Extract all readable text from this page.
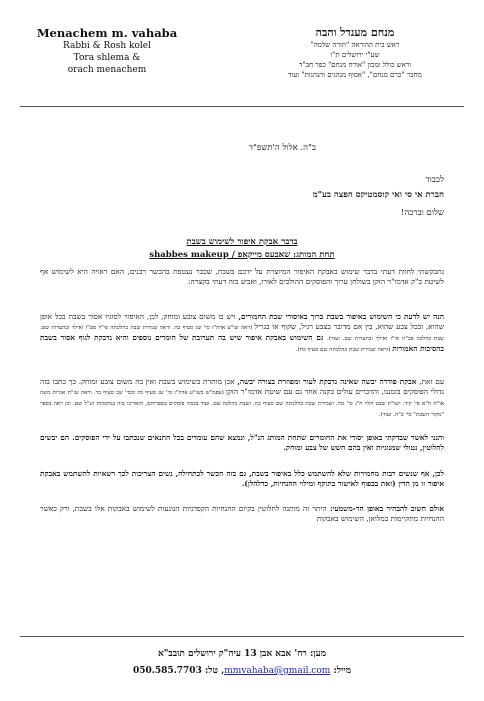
Menachem m. vahaba
Rabbi & Rosh kolel
Tora shlema &
orach menachem
מנחם מענדל והבה
ראש בית ההוראה "תורה שלמה"
שע"י ירושלים ת"ו
וראש כולל ומכון "אורח מנחם" כפר חב"ד
מחבר "כרם מנחם", "אסוף מנהגים והנהגות" ועוד
ב"ה. אלול ה'תשפ"ד
לכבוד
חברת אי סי ואי קוסמטיקס הפצה בע"מ
שלום וברכה!
בדבר אבקת איפור לשימוש בשבת
shabbes makeup / תחת המותג: שאבעס מייקאפ
נתבקשתי לחוות דעתי בדבר שימוש באבקת האיפור המיוצרת על ידכם בשבת, שכבר נעטפת בהכשר רבנים, האם ראויה היא לשימוש אף לשיטת כ"ק אדמו"ר הזקן בשולחן ערוך והפוסקים ההולכים לאורו, ואביע בזה דעתי בקצרה:
הנה יש לדעת כי השימוש באיפור בשבת כרוך באיסורי שבת החמורים, ויש בו משום צובע ומוחק, לכן, האיפור לסוגיו אסור בשבת בכל אופן שהוא, ובכל צבע שהוא, בין אם מדובר בצבע רגיל, שקוף או בגריל (ראה שו"ע אדה"ז סי' שג סעיף כה. וראה שמירת שבת כהלכתה פי"ד סט"ז ואילך ובהערות שם. שבת כהלכה פכ"ח סי"ז ואילך ובהערות שם. ועוד). גם השימוש באבקת איפור שיש בה תערובת של חומרים נוספים והיא נדבקת לגוף אסור בשבת בהסיבות האמורות (וראה שמירת שבת כהלכתה שם סעיף כח).
עם זאת, אבקת פודרה יבשה שאינה נדבקת לעור ומפוזרת בצורה יבשה, אכן מותרת בשימוש בשבת ואין בה משום צובע ומוחק. כך כתבו בזה גדולי הפוסקים בזמננו, והדברים עולים בקנה אחד גם עם שיטת אדמו"ר הזקן (עפמ"ש בשו"ע אדה"ז סי' שג סעיף כה ובסי' שכ סעיף כד. וראה שו"ת אגרות משה או"ח ח"א סי' קיד. ושו"ת שבט הלוי ח"ג סי' מח. ושמירת שבת כהלכתה שם סעיף כח. ושבת כהלכה שם. ועוד בכמה פוסקים בספריהם, והאריכו בזה במקומות הנ"ל שם. וכן ראה בספר "מקור השבת" סי' כ"ה. ועוד).
והנני לאשר שבדקתי באופן יסודי את החומרים שתחת המותג הנ"ל, ונמצא שהם עומדים בכל התנאים שנכתבו על ידי הפוסקים. הם יבשים לחלוטין, נטולי שמנוניות ואין בהם חשש של צבע ומוחק.
לכן, אף שנשים רבות מחמירות שלא להשתמש כלל באיפור בשבת, גם בזה הכשר לכתחילה, נשים הצריכות לכך רשאיות להשתמש באבקת איפור זו מן הדין (זאת בכפוף לאישור בתוקף ומילוי ההנחיות, כדלהלן).
אולם חשוב להבהיר באופן חד-משמעי: היתר זה מותנה לחלוטין בקיום ההנחיות הקפדניות הנוגעות לשימוש באבקות אלו בשבת, ורק כאשר ההנחיות מתקיימות במלואן, השימוש באבקות
מען: רח' אבא אבן 13 עיה"ק ירושלים תובב"א
מייל: mmvahaba@gmail.com, טל: 050.585.7703
